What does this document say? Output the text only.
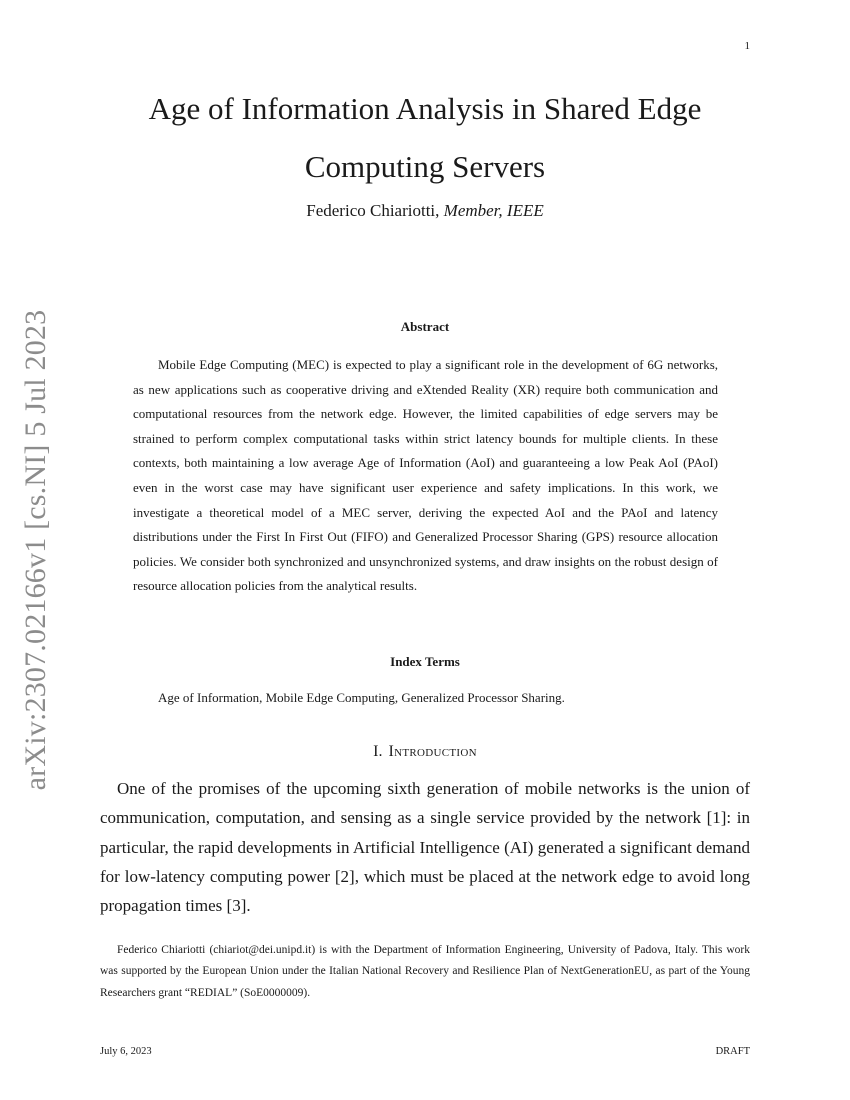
1
arXiv:2307.02166v1 [cs.NI] 5 Jul 2023
Age of Information Analysis in Shared Edge Computing Servers
Federico Chiariotti, Member, IEEE
Abstract

Mobile Edge Computing (MEC) is expected to play a significant role in the development of 6G networks, as new applications such as cooperative driving and eXtended Reality (XR) require both communication and computational resources from the network edge. However, the limited capabilities of edge servers may be strained to perform complex computational tasks within strict latency bounds for multiple clients. In these contexts, both maintaining a low average Age of Information (AoI) and guaranteeing a low Peak AoI (PAoI) even in the worst case may have significant user experience and safety implications. In this work, we investigate a theoretical model of a MEC server, deriving the expected AoI and the PAoI and latency distributions under the First In First Out (FIFO) and Generalized Processor Sharing (GPS) resource allocation policies. We consider both synchronized and unsynchronized systems, and draw insights on the robust design of resource allocation policies from the analytical results.

Index Terms

Age of Information, Mobile Edge Computing, Generalized Processor Sharing.

I. Introduction

One of the promises of the upcoming sixth generation of mobile networks is the union of communication, computation, and sensing as a single service provided by the network [1]: in particular, the rapid developments in Artificial Intelligence (AI) generated a significant demand for low-latency computing power [2], which must be placed at the network edge to avoid long propagation times [3].

Federico Chiariotti (chiariot@dei.unipd.it) is with the Department of Information Engineering, University of Padova, Italy. This work was supported by the European Union under the Italian National Recovery and Resilience Plan of NextGenerationEU, as part of the Young Researchers grant “REDIAL” (SoE0000009).

July 6, 2023	DRAFT
